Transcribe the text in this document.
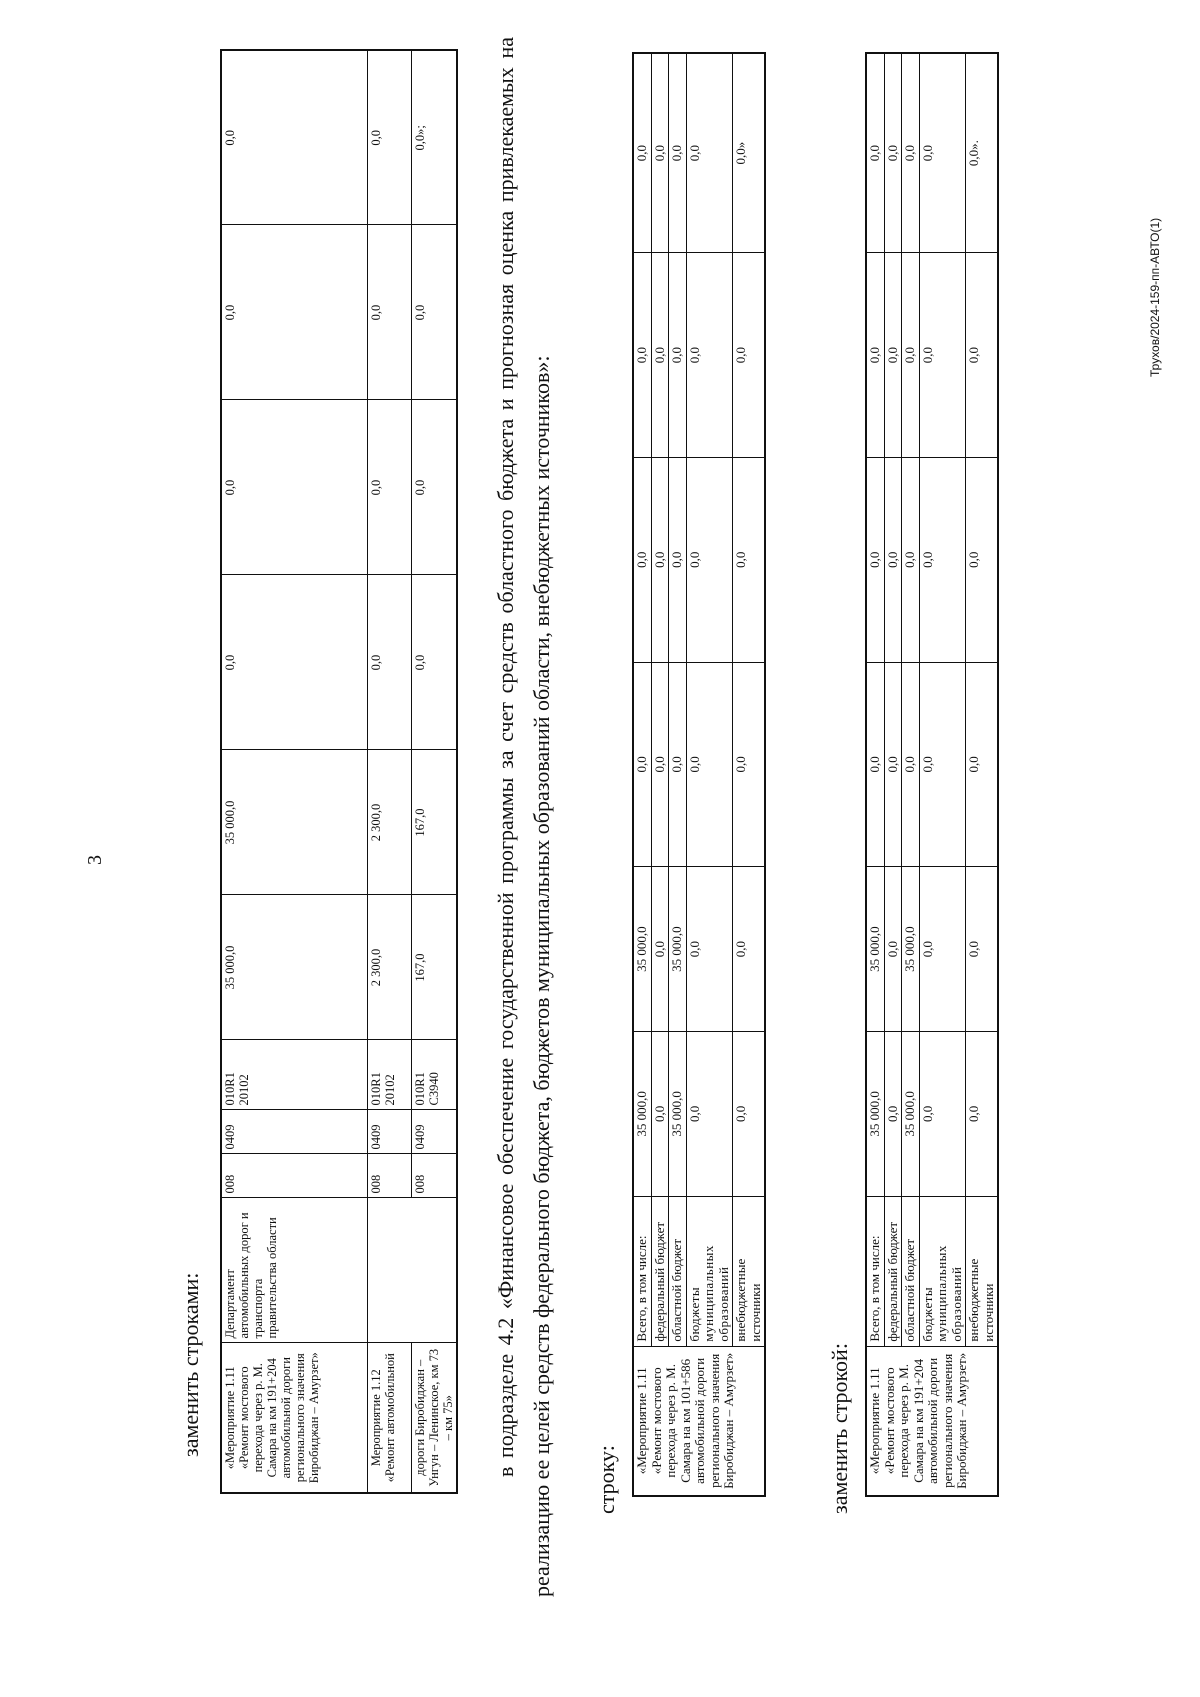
3
заменить строками: «Мероприятие 1.11 «Ремонт мостового перехода через р. М. Самара на км 191+204 автомобильной дороги регионального значения Биробиджан – Амурзет»	Департамент автомобильных дорог и транспорта правительства области	008	0409	010R1 20102	35 000,0	35 000,0	0,0	0,0	0,0	0,0
Мероприятие 1.12 «Ремонт автомобильной		008	0409	010R1 20102	2 300,0	2 300,0	0,0	0,0	0,0	0,0
дороги Биробиджан – Унгун – Ленинское, км 73 – км 75»		008	0409	010R1 С3940	167,0	167,0	0,0	0,0	0,0	0,0»;	в подразделе 4.2 «Финансовое обеспечение государственной программы за счет средств областного бюджета и прогнозная оценка привлекаемых на реализацию ее целей средств федерального бюджета, бюджетов муниципальных образований области, внебюджетных источников»: строку:
«Мероприятие 1.11 «Ремонт мостового перехода через р. М. Самара на км 101+586 автомобильной дороги регионального значения Биробиджан – Амурзет»	Всего, в том числе:	35 000,0	35 000,0	0,0	0,0	0,0	0,0
	федеральный бюджет	0,0	0,0	0,0	0,0	0,0	0,0
	областной бюджет	35 000,0	35 000,0	0,0	0,0	0,0	0,0
	бюджеты муниципальных образований	0,0	0,0	0,0	0,0	0,0	0,0
	внебюджетные источники	0,0	0,0	0,0	0,0	0,0	0,0»
заменить строкой: «Мероприятие 1.11 «Ремонт мостового перехода через р. М. Самара на км 191+204 автомобильной дороги регионального значения Биробиджан – Амурзет»	Всего, в том числе:	35 000,0	35 000,0	0,0	0,0	0,0	0,0
	федеральный бюджет	0,0	0,0	0,0	0,0	0,0	0,0
	областной бюджет	35 000,0	35 000,0	0,0	0,0	0,0	0,0
	бюджеты муниципальных образований	0,0	0,0	0,0	0,0	0,0	0,0
	внебюджетные источники	0,0	0,0	0,0	0,0	0,0	0,0».
Трухов/2024-159-пп-АВТО(1)
